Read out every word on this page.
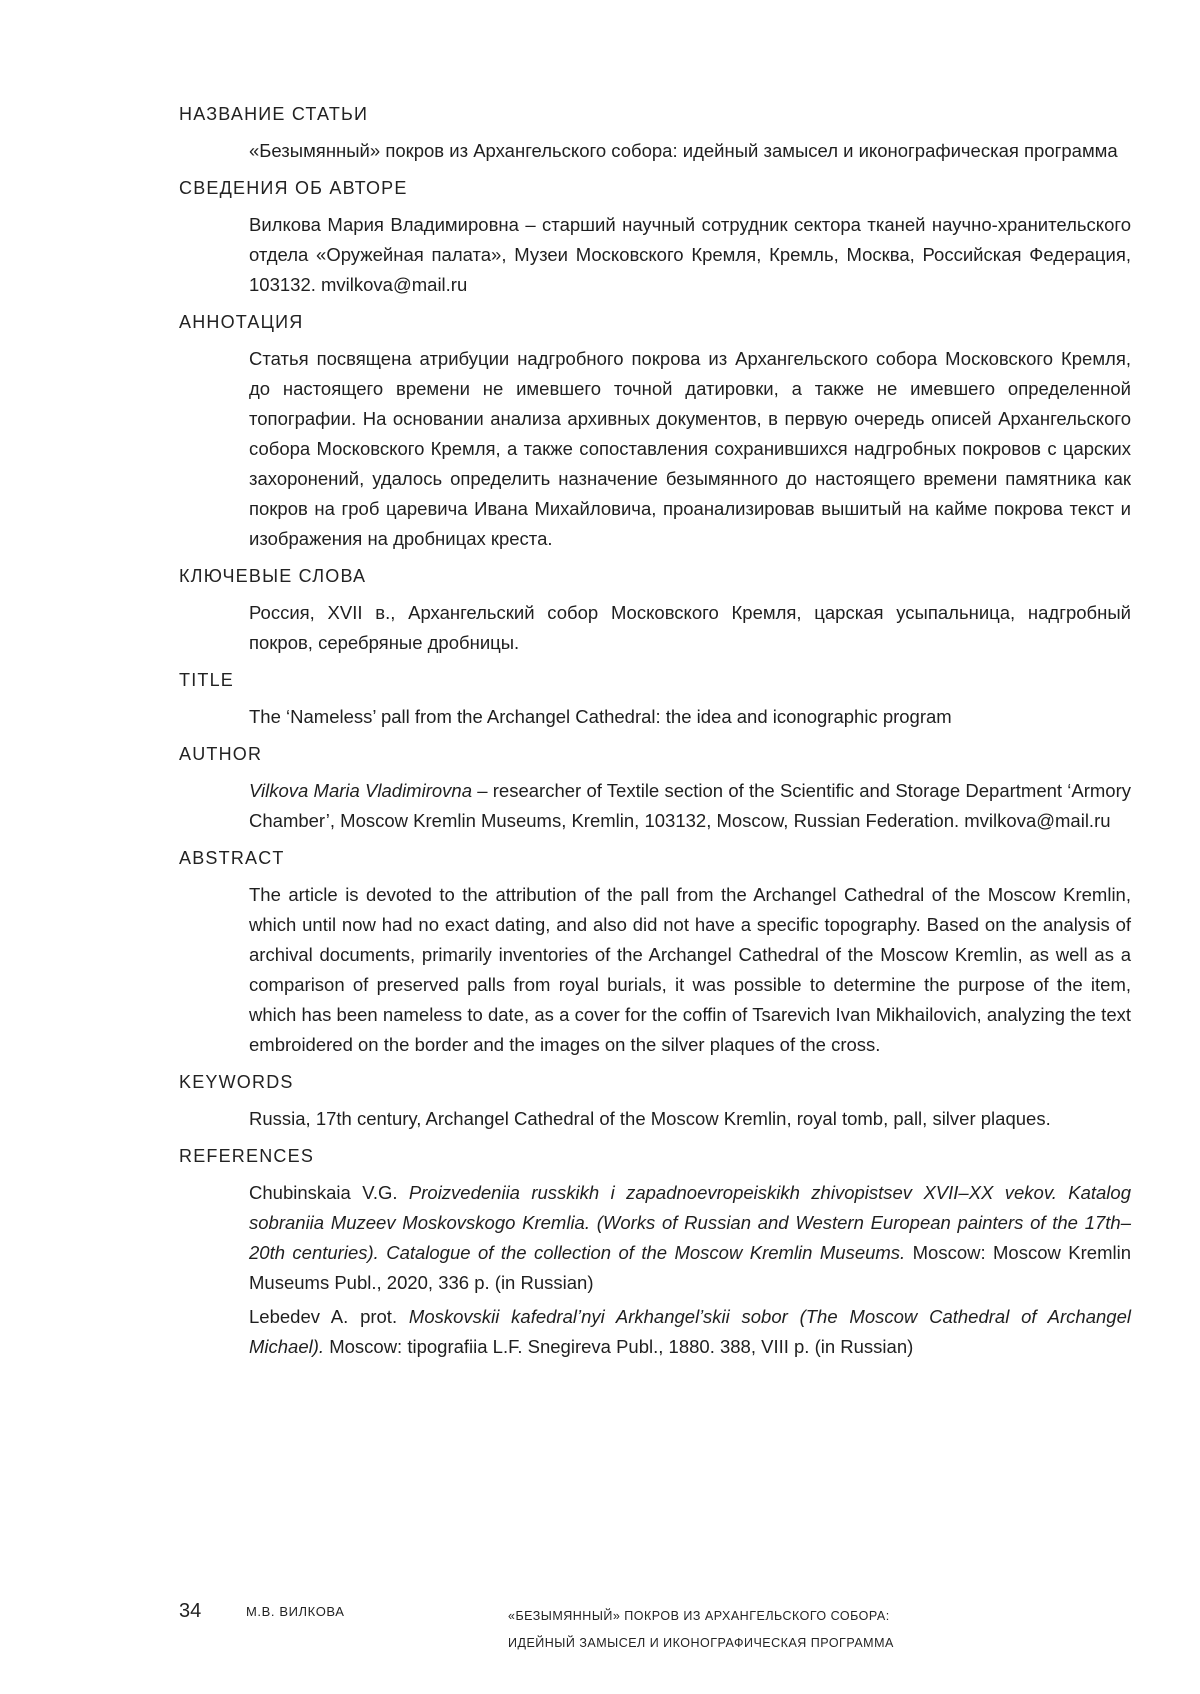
НАЗВАНИЕ СТАТЬИ
«Безымянный» покров из Архангельского собора: идейный замысел и иконографическая программа
СВЕДЕНИЯ ОБ АВТОРЕ
Вилкова Мария Владимировна – старший научный сотрудник сектора тканей научно-хранительского отдела «Оружейная палата», Музеи Московского Кремля, Кремль, Москва, Российская Федерация, 103132. mvilkova@mail.ru
АННОТАЦИЯ
Статья посвящена атрибуции надгробного покрова из Архангельского собора Московского Кремля, до настоящего времени не имевшего точной датировки, а также не имевшего определенной топографии. На основании анализа архивных документов, в первую очередь описей Архангельского собора Московского Кремля, а также сопоставления сохранившихся надгробных покровов с царских захоронений, удалось определить назначение безымянного до настоящего времени памятника как покров на гроб царевича Ивана Михайловича, проанализировав вышитый на кайме покрова текст и изображения на дробницах креста.
КЛЮЧЕВЫЕ СЛОВА
Россия, XVII в., Архангельский собор Московского Кремля, царская усыпальница, надгробный покров, серебряные дробницы.
TITLE
The ‘Nameless’ pall from the Archangel Cathedral: the idea and iconographic program
AUTHOR
Vilkova Maria Vladimirovna – researcher of Textile section of the Scientific and Storage Department ‘Armory Chamber’, Moscow Kremlin Museums, Kremlin, 103132, Moscow, Russian Federation. mvilkova@mail.ru
ABSTRACT
The article is devoted to the attribution of the pall from the Archangel Cathedral of the Moscow Kremlin, which until now had no exact dating, and also did not have a specific topography. Based on the analysis of archival documents, primarily inventories of the Archangel Cathedral of the Moscow Kremlin, as well as a comparison of preserved palls from royal burials, it was possible to determine the purpose of the item, which has been nameless to date, as a cover for the coffin of Tsarevich Ivan Mikhailovich, analyzing the text embroidered on the border and the images on the silver plaques of the cross.
KEYWORDS
Russia, 17th century, Archangel Cathedral of the Moscow Kremlin, royal tomb, pall, silver plaques.
REFERENCES
Chubinskaia V.G. Proizvedeniia russkikh i zapadnoevropeiskikh zhivopistsev XVII–XX vekov. Katalog sobraniia Muzeev Moskovskogo Kremlia. (Works of Russian and Western European painters of the 17th–20th centuries). Catalogue of the collection of the Moscow Kremlin Museums. Moscow: Moscow Kremlin Museums Publ., 2020, 336 p. (in Russian)
Lebedev A. prot. Moskovskii kafedral’nyi Arkhangel’skii sobor (The Moscow Cathedral of Archangel Michael). Moscow: tipografiia L.F. Snegireva Publ., 1880. 388, VIII p. (in Russian)
34	М.В. ВИЛКОВА	«БЕЗЫМЯННЫЙ» ПОКРОВ ИЗ АРХАНГЕЛЬСКОГО СОБОРА:
ИДЕЙНЫЙ ЗАМЫСЕЛ И ИКОНОГРАФИЧЕСКАЯ ПРОГРАММА
